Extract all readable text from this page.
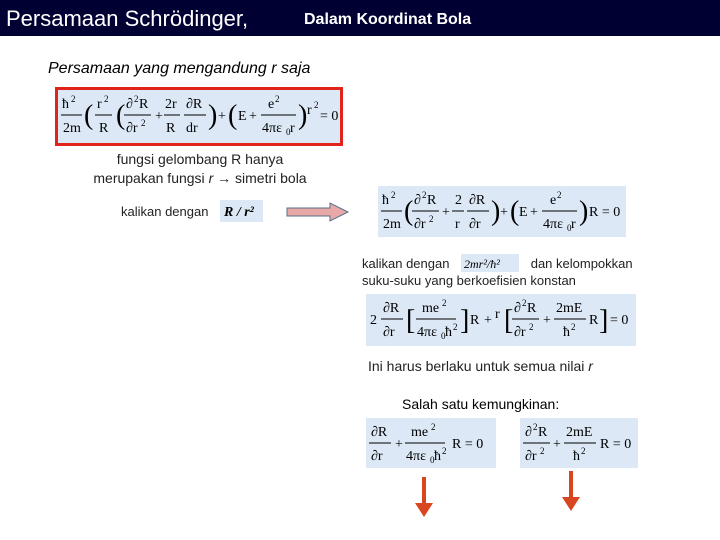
Persamaan Schrödinger,	Dalam Koordinat Bola
Persamaan yang mengandung r saja
ħ 2
2m ( r 2
R ( ∂ 2 R
∂r 2 +
2r
R
∂R
dr ) + ( E +
e 2
4πε 0 r ) r 2
= 0
fungsi gelombang R hanya
merupakan fungsi r → simetri bola
kalikan dengan R / r²
ħ 2
2m ( ∂ 2 R
∂r 2 +
2
r
∂R
∂r ) + ( E +
e 2
4πε 0 r ) R = 0
kalikan dengan 2mr²/ħ² dan kelompokkan
suku-suku yang berkoefisien konstan
2
∂R
∂r [ me 2
4πε 0 ħ 2 ] R + r [ ∂ 2 R
∂r 2 +
2mE
ħ 2 R ] = 0
Ini harus berlaku untuk semua nilai r
Salah satu kemungkinan:
∂R
∂r
+
me 2
4πε 0 ħ 2 R = 0
∂ 2 R
∂r 2 +
2mE
ħ 2 R = 0
